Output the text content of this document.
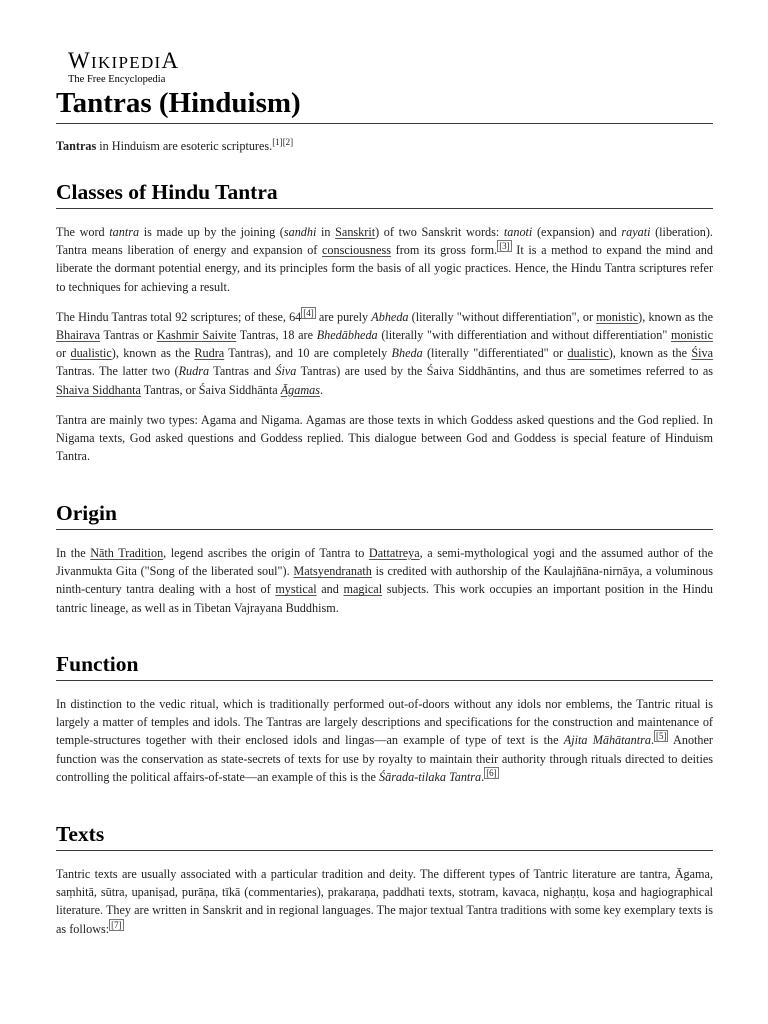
WIKIPEDIA
The Free Encyclopedia
Tantras (Hinduism)

Tantras in Hinduism are esoteric scriptures.[1][2]

Classes of Hindu Tantra

The word tantra is made up by the joining (sandhi in Sanskrit) of two Sanskrit words: tanoti (expansion) and rayati (liberation). Tantra means liberation of energy and expansion of consciousness from its gross form. [3] It is a method to expand the mind and liberate the dormant potential energy, and its principles form the basis of all yogic practices. Hence, the Hindu Tantra scriptures refer to techniques for achieving a result.

The Hindu Tantras total 92 scriptures; of these, 64 [4] are purely Abheda (literally "without differentiation", or monistic), known as the Bhairava Tantras or Kashmir Saivite Tantras, 18 are Bhedābheda (literally "with differentiation and without differentiation" monistic or dualistic), known as the Rudra Tantras), and 10 are completely Bheda (literally "differentiated" or dualistic), known as the Śiva Tantras. The latter two (Rudra Tantras and Śiva Tantras) are used by the Śaiva Siddhāntins, and thus are sometimes referred to as Shaiva Siddhanta Tantras, or Śaiva Siddhānta Āgamas.

Tantra are mainly two types: Agama and Nigama. Agamas are those texts in which Goddess asked questions and the God replied. In Nigama texts, God asked questions and Goddess replied. This dialogue between God and Goddess is special feature of Hinduism Tantra.

Origin

In the Nāth Tradition, legend ascribes the origin of Tantra to Dattatreya, a semi-mythological yogi and the assumed author of the Jivanmukta Gita ("Song of the liberated soul"). Matsyendranath is credited with authorship of the Kaulajñāna-nirnāya, a voluminous ninth-century tantra dealing with a host of mystical and magical subjects. This work occupies an important position in the Hindu tantric lineage, as well as in Tibetan Vajrayana Buddhism.

Function

In distinction to the vedic ritual, which is traditionally performed out-of-doors without any idols nor emblems, the Tantric ritual is largely a matter of temples and idols. The Tantras are largely descriptions and specifications for the construction and maintenance of temple-structures together with their enclosed idols and lingas—an example of type of text is the Ajita Māhātantra. [5] Another function was the conservation as state-secrets of texts for use by royalty to maintain their authority through rituals directed to deities controlling the political affairs-of-state—an example of this is the Śārada-tilaka Tantra. [6]

Texts

Tantric texts are usually associated with a particular tradition and deity. The different types of Tantric literature are tantra, Āgama, saṃhitā, sūtra, upaniṣad, purāṇa, tīkā (commentaries), prakaraṇa, paddhati texts, stotram, kavaca, nighaṇṭu, koṣa and hagiographical literature. They are written in Sanskrit and in regional languages. The major textual Tantra traditions with some key exemplary texts is as follows: [7]
